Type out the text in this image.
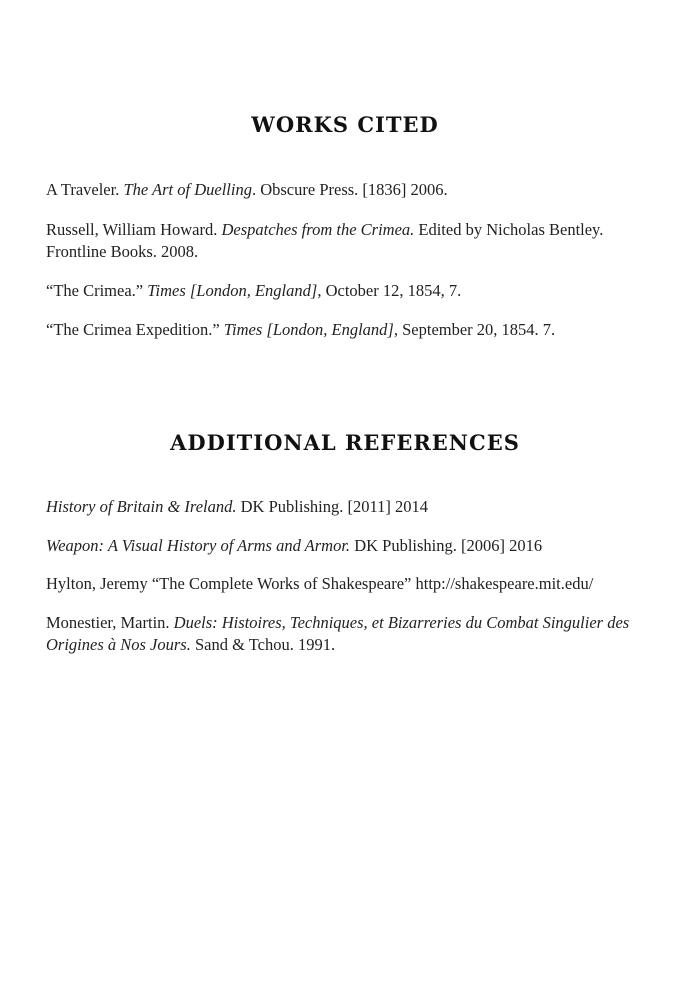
WORKS CITED
A Traveler. The Art of Duelling. Obscure Press. [1836] 2006.
Russell, William Howard. Despatches from the Crimea. Edited by Nicholas Bentley. Frontline Books. 2008.
“The Crimea.” Times [London, England], October 12, 1854, 7.
“The Crimea Expedition.” Times [London, England], September 20, 1854. 7.
ADDITIONAL REFERENCES
History of Britain & Ireland. DK Publishing. [2011] 2014
Weapon: A Visual History of Arms and Armor. DK Publishing. [2006] 2016
Hylton, Jeremy “The Complete Works of Shakespeare” http://shakespeare.mit.edu/
Monestier, Martin. Duels: Histoires, Techniques, et Bizarreries du Combat Singulier des Origines à Nos Jours. Sand & Tchou. 1991.
